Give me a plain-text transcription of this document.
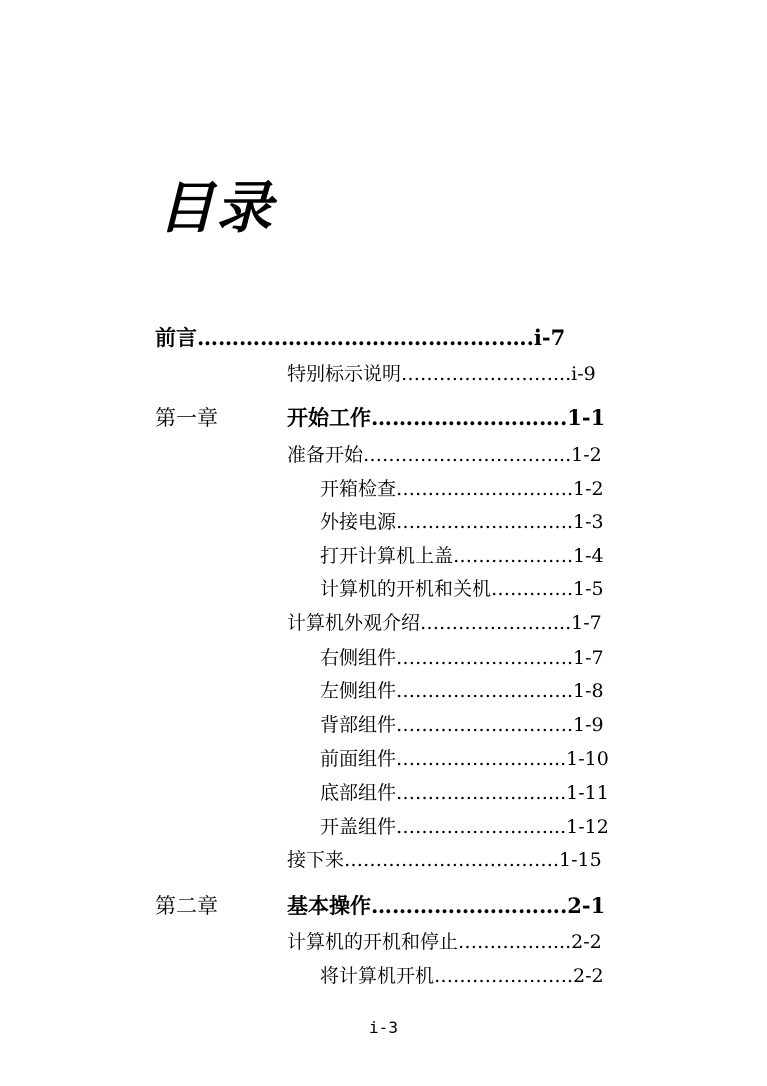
目录
前言……………………………………..….i-7
特别标示说明……………………...i-9
第一章	开始工作……………………….1-1
准备开始…………………………...1-2
开箱检查……………………….1-2
外接电源……………………….1-3
打开计算机上盖……………….1-4
计算机的开机和关机………….1-5
计算机外观介绍…………………...1-7
右侧组件……………………….1-7
左侧组件……………………….1-8
背部组件……………………….1-9
前面组件……………………...1-10
底部组件……………………...1-11
开盖组件……………………...1-12
接下来…………………………….1-15
第二章	基本操作……………………….2-1
计算机的开机和停止……………...2-2
将计算机开机………………….2-2
i-3
